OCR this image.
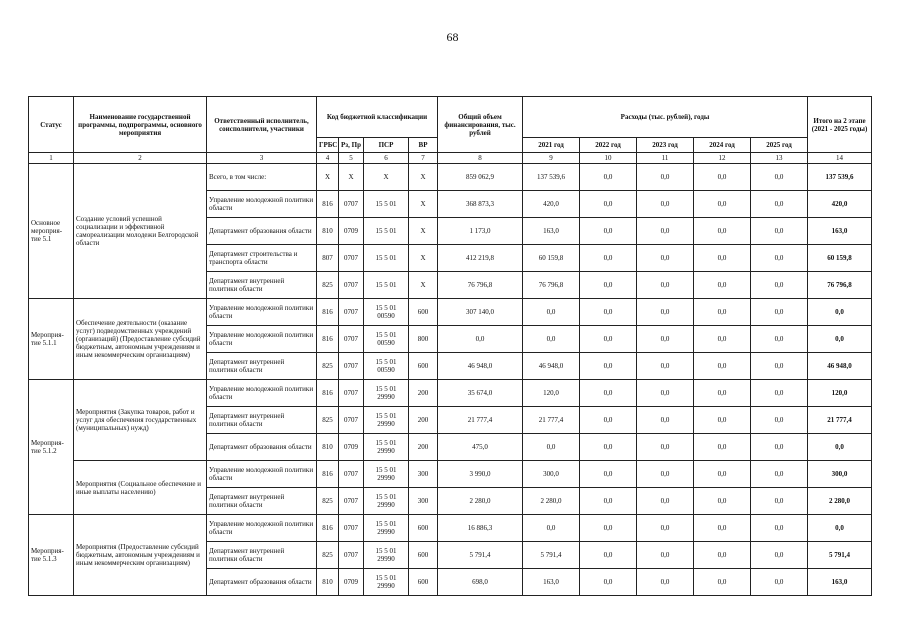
68
Статус	Наименование государственной программы, подпрограммы, основного мероприятия	Ответственный исполнитель, соисполнители, участники	Код бюджетной классификации				Общий объем финансирования, тыс. рублей	Расходы (тыс. рублей), годы					Итого на 2 этапе (2021 - 2025 годы)
			ГРБС	Рз, Пр	ПСР	ВР		2021 год	2022 год	2023 год	2024 год	2025 год	
1	2	3	4	5	6	7	8	9	10	11	12	13	14
Основное мероприя-тие 5.1	Создание условий успешной социализации и эффективной самореализации молодежи Белгородской области	Всего, в том числе:	Х	Х	Х	Х	859 062,9	137 539,6	0,0	0,0	0,0	0,0	137 539,6
		Управление молодежной политики области	816	0707	15 5 01	Х	368 873,3	420,0	0,0	0,0	0,0	0,0	420,0
		Департамент образования области	810	0709	15 5 01	Х	1 173,0	163,0	0,0	0,0	0,0	0,0	163,0
		Департамент строительства и транспорта области	807	0707	15 5 01	Х	412 219,8	60 159,8	0,0	0,0	0,0	0,0	60 159,8
		Департамент внутренней политики области	825	0707	15 5 01	Х	76 796,8	76 796,8	0,0	0,0	0,0	0,0	76 796,8
Мероприя-тие 5.1.1	Обеспечение деятельности (оказание услуг) подведомственных учреждений (организаций) (Предоставление субсидий бюджетным, автономным учреждениям и иным некоммерческим организациям)	Управление молодежной политики области	816	0707	15 5 01 00590	600	307 140,0	0,0	0,0	0,0	0,0	0,0	0,0
		Управление молодежной политики области	816	0707	15 5 01 00590	800	0,0	0,0	0,0	0,0	0,0	0,0	0,0
		Департамент внутренней политики области	825	0707	15 5 01 00590	600	46 948,0	46 948,0	0,0	0,0	0,0	0,0	46 948,0
Мероприя-тие 5.1.2	Мероприятия (Закупка товаров, работ и услуг для обеспечения государственных (муниципальных) нужд)	Управление молодежной политики области	816	0707	15 5 01 29990	200	35 674,0	120,0	0,0	0,0	0,0	0,0	120,0
		Департамент внутренней политики области	825	0707	15 5 01 29990	200	21 777,4	21 777,4	0,0	0,0	0,0	0,0	21 777,4
		Департамент образования области	810	0709	15 5 01 29990	200	475,0	0,0	0,0	0,0	0,0	0,0	0,0
	Мероприятия (Социальное обеспечение и иные выплаты населению)	Управление молодежной политики области	816	0707	15 5 01 29990	300	3 990,0	300,0	0,0	0,0	0,0	0,0	300,0
		Департамент внутренней политики области	825	0707	15 5 01 29990	300	2 280,0	2 280,0	0,0	0,0	0,0	0,0	2 280,0
Мероприя-тие 5.1.3	Мероприятия (Предоставление субсидий бюджетным, автономным учреждениям и иным некоммерческим организациям)	Управление молодежной политики области	816	0707	15 5 01 29990	600	16 886,3	0,0	0,0	0,0	0,0	0,0	0,0
		Департамент внутренней политики области	825	0707	15 5 01 29990	600	5 791,4	5 791,4	0,0	0,0	0,0	0,0	5 791,4
		Департамент образования области	810	0709	15 5 01 29990	600	698,0	163,0	0,0	0,0	0,0	0,0	163,0
